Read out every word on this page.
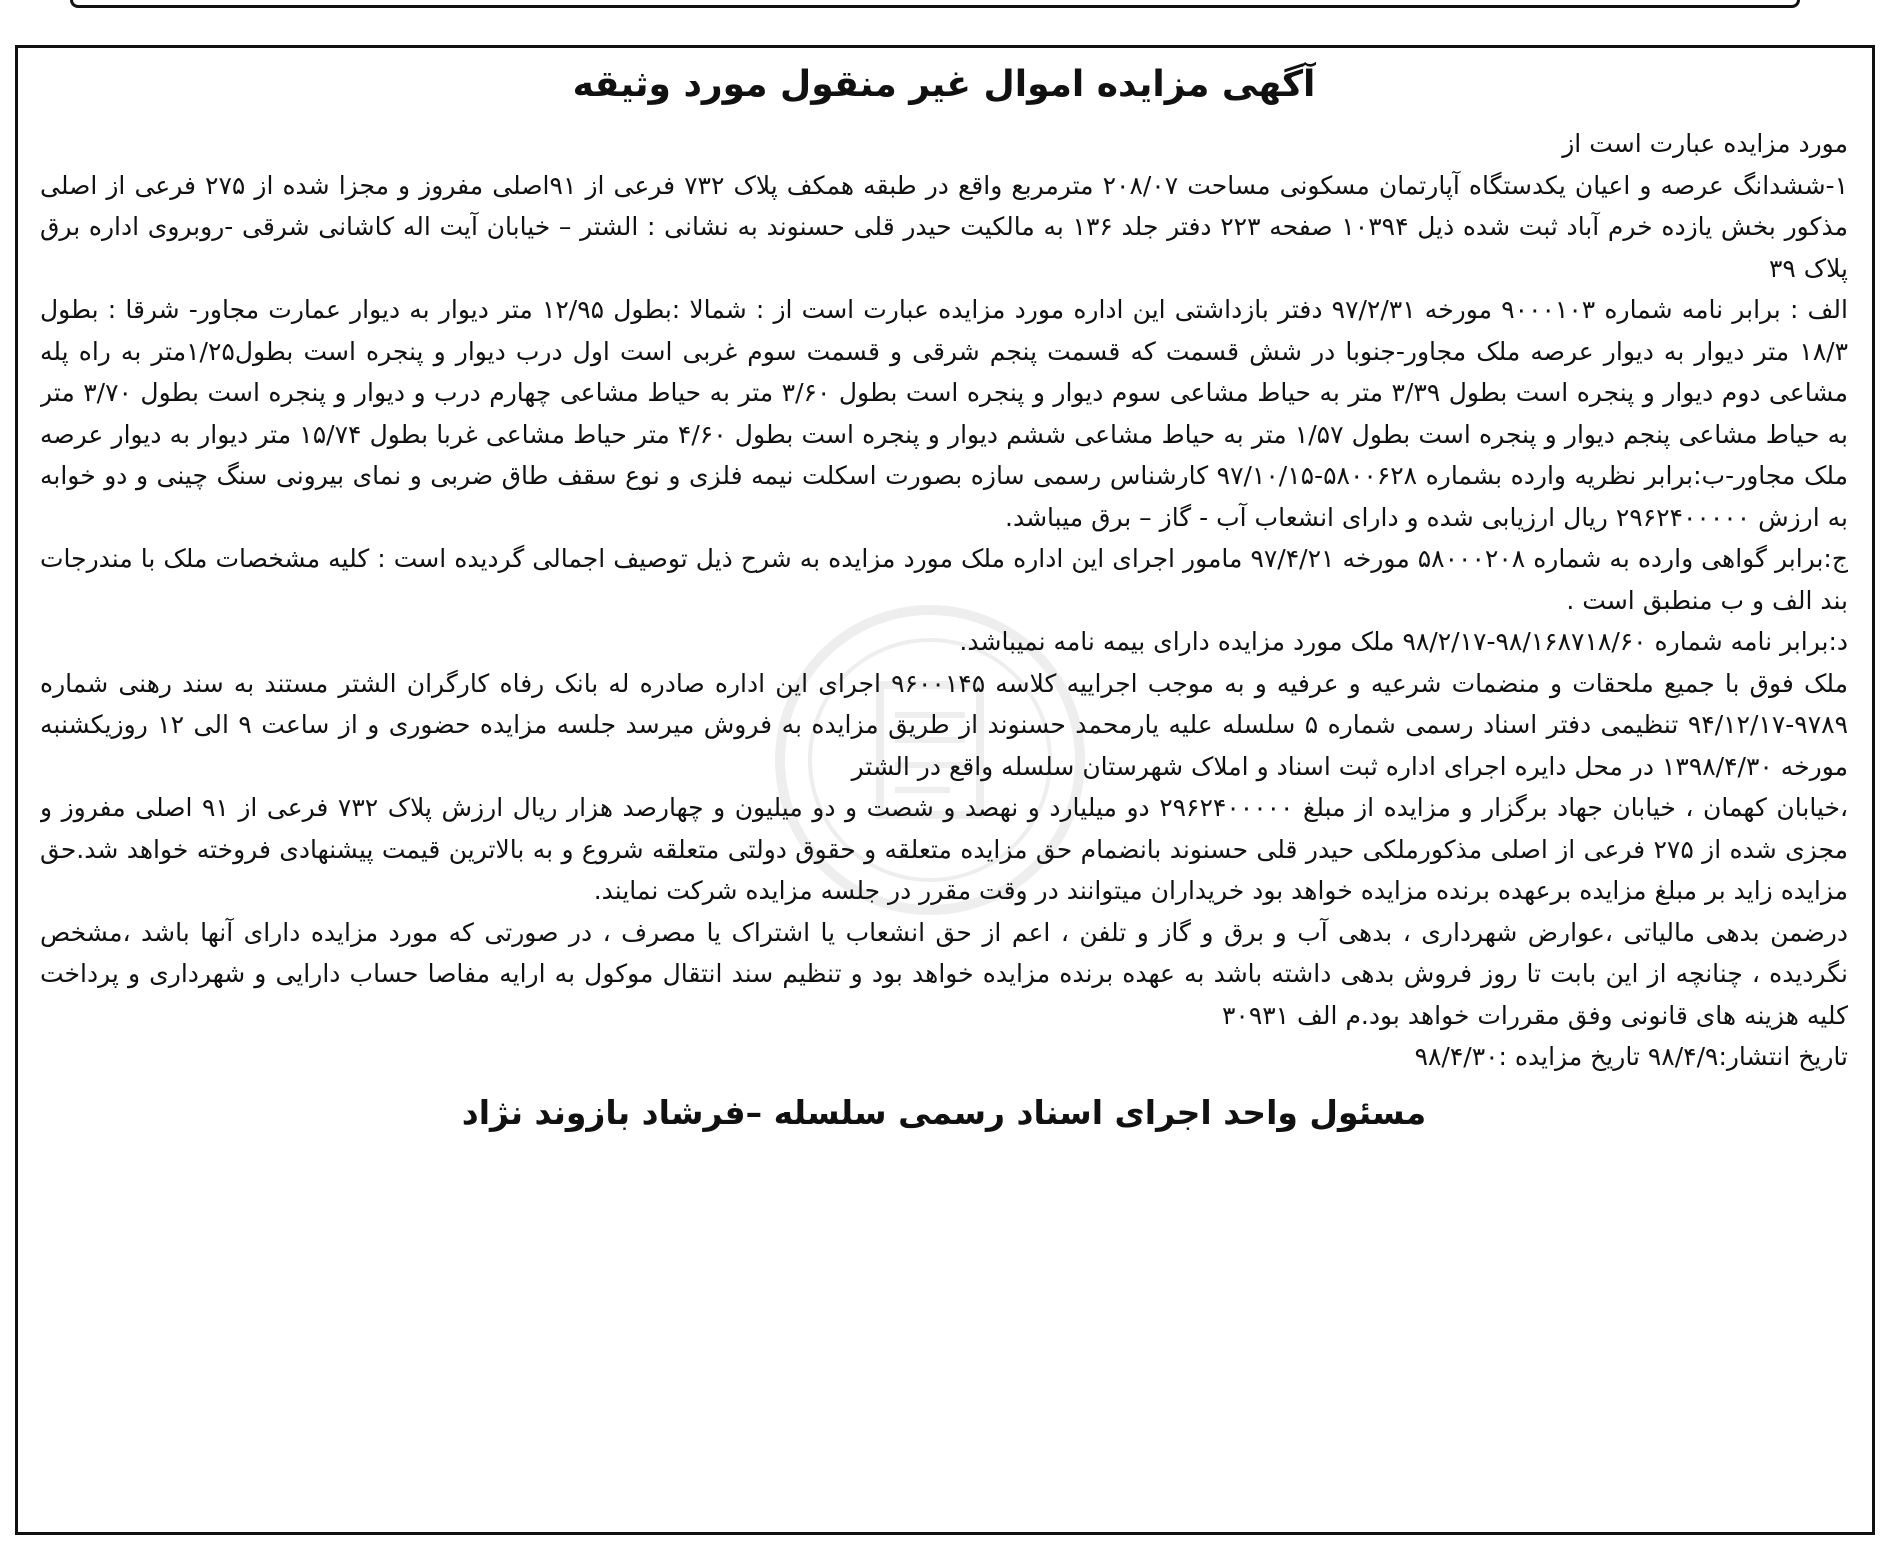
آگهی مزایده اموال غیر منقول مورد وثیقه

مورد مزایده عبارت است از

۱-ششدانگ عرصه و اعیان یکدستگاه آپارتمان مسکونی مساحت ۲۰۸/۰۷ مترمربع واقع در طبقه همکف پلاک ۷۳۲ فرعی از ۹۱اصلی مفروز و مجزا شده از ۲۷۵ فرعی از اصلی مذکور بخش یازده خرم آباد ثبت شده ذیل ۱۰۳۹۴ صفحه ۲۲۳ دفتر جلد ۱۳۶ به مالکیت حیدر قلی حسنوند به نشانی : الشتر – خیابان آیت اله کاشانی شرقی -روبروی اداره برق پلاک ۳۹

الف : برابر نامه شماره ۹۰۰۰۱۰۳ مورخه ۹۷/۲/۳۱ دفتر بازداشتی این اداره مورد مزایده عبارت است از : شمالا :بطول ۱۲/۹۵ متر دیوار به دیوار عمارت مجاور- شرقا : بطول ۱۸/۳ متر دیوار به دیوار عرصه ملک مجاور-جنوبا در شش قسمت که قسمت پنجم شرقی و قسمت سوم غربی است اول درب دیوار و پنجره است بطول۱/۲۵متر به راه پله مشاعی دوم دیوار و پنجره است بطول ۳/۳۹ متر به حیاط مشاعی سوم دیوار و پنجره است بطول ۳/۶۰ متر به حیاط مشاعی چهارم درب و دیوار و پنجره است بطول ۳/۷۰ متر به حیاط مشاعی پنجم دیوار و پنجره است بطول ۱/۵۷ متر به حیاط مشاعی ششم دیوار و پنجره است بطول ۴/۶۰ متر حیاط مشاعی غربا بطول ۱۵/۷۴ متر دیوار به دیوار عرصه ملک مجاور-ب:برابر نظریه وارده بشماره ۵۸۰۰۶۲۸-۹۷/۱۰/۱۵ کارشناس رسمی سازه بصورت اسکلت نیمه فلزی و نوع سقف طاق ضربی و نمای بیرونی سنگ چینی و دو خوابه به ارزش ۲۹۶۲۴۰۰۰۰۰ ریال ارزیابی شده و دارای انشعاب آب - گاز – برق میباشد.

ج:برابر گواهی وارده به شماره ۵۸۰۰۰۲۰۸ مورخه ۹۷/۴/۲۱ مامور اجرای این اداره ملک مورد مزایده به شرح ذیل توصیف اجمالی گردیده است : کلیه مشخصات ملک با مندرجات بند الف و ب منطبق است .

د:برابر نامه شماره ۹۸/۱۶۸۷۱۸/۶۰-۹۸/۲/۱۷ ملک مورد مزایده دارای بیمه نامه نمیباشد.

ملک فوق با جمیع ملحقات و منضمات شرعیه و عرفیه و به موجب اجراییه کلاسه ۹۶۰۰۱۴۵ اجرای این اداره صادره له بانک رفاه کارگران الشتر مستند به سند رهنی شماره ۹۷۸۹-۹۴/۱۲/۱۷ تنظیمی دفتر اسناد رسمی شماره ۵ سلسله علیه یارمحمد حسنوند از طریق مزایده به فروش میرسد جلسه مزایده حضوری و از ساعت ۹ الی ۱۲ روزیکشنبه مورخه ۱۳۹۸/۴/۳۰ در محل دایره اجرای اداره ثبت اسناد و املاک شهرستان سلسله واقع در الشتر

،خیابان کهمان ، خیابان جهاد برگزار و مزایده از مبلغ ۲۹۶۲۴۰۰۰۰۰ دو میلیارد و نهصد و شصت و دو میلیون و چهارصد هزار ریال ارزش پلاک ۷۳۲ فرعی از ۹۱ اصلی مفروز و مجزی شده از ۲۷۵ فرعی از اصلی مذکورملکی حیدر قلی حسنوند بانضمام حق مزایده متعلقه و حقوق دولتی متعلقه شروع و به بالاترین قیمت پیشنهادی فروخته خواهد شد.حق مزایده زاید بر مبلغ مزایده برعهده برنده مزایده خواهد بود خریداران میتوانند در وقت مقرر در جلسه مزایده شرکت نمایند.

درضمن بدهی مالیاتی ،عوارض شهرداری ، بدهی آب و برق و گاز و تلفن ، اعم از حق انشعاب یا اشتراک یا مصرف ، در صورتی که مورد مزایده دارای آنها باشد ،مشخص نگردیده ، چنانچه از این بابت تا روز فروش بدهی داشته باشد به عهده برنده مزایده خواهد بود و تنظیم سند انتقال موکول به ارایه مفاصا حساب دارایی و شهرداری و پرداخت کلیه هزینه های قانونی وفق مقررات خواهد بود.م الف ۳۰۹۳۱

تاریخ انتشار:۹۸/۴/۹ تاریخ مزایده :۹۸/۴/۳۰

مسئول واحد اجرای اسناد رسمی سلسله –فرشاد بازوند نژاد
